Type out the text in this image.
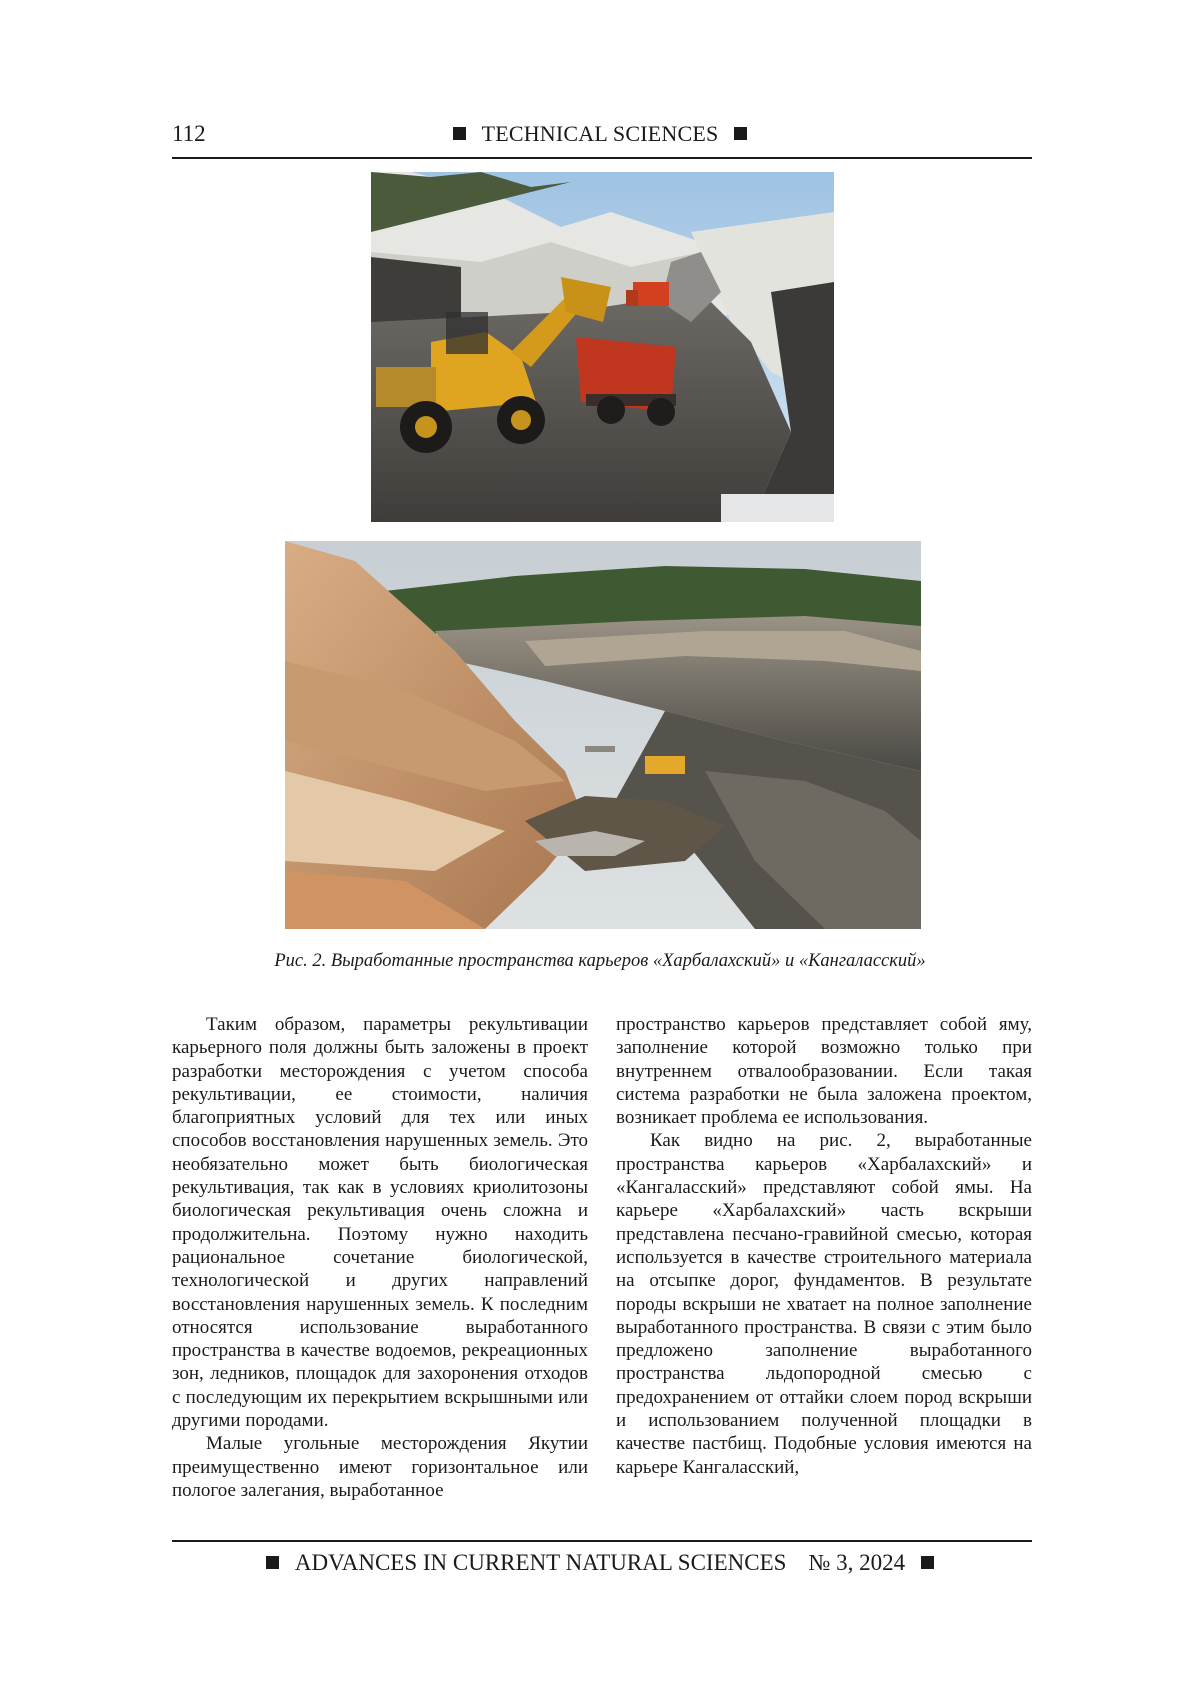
112	TECHNICAL SCIENCES
Рис. 2. Выработанные пространства карьеров «Харбалахский» и «Кангаласский»

Таким образом, параметры рекультивации карьерного поля должны быть заложены в проект разработки месторождения с учетом способа рекультивации, ее стоимости, наличия благоприятных условий для тех или иных способов восстановления нарушенных земель. Это необязательно может быть биологическая рекультивация, так как в условиях криолитозоны биологическая рекультивация очень сложна и продолжительна. Поэтому нужно находить рациональное сочетание биологической, технологической и других направлений восстановления нарушенных земель. К последним относятся использование выработанного пространства в качестве водоемов, рекреационных зон, ледников, площадок для захоронения отходов с последующим их перекрытием вскрышными или другими породами.

Малые угольные месторождения Якутии преимущественно имеют горизонтальное или пологое залегания, выработанное

пространство карьеров представляет собой яму, заполнение которой возможно только при внутреннем отвалообразовании. Если такая система разработки не была заложена проектом, возникает проблема ее использования.

Как видно на рис. 2, выработанные пространства карьеров «Харбалахский» и «Кангаласский» представляют собой ямы. На карьере «Харбалахский» часть вскрыши представлена песчано-гравийной смесью, которая используется в качестве строительного материала на отсыпке дорог, фундаментов. В результате породы вскрыши не хватает на полное заполнение выработанного пространства. В связи с этим было предложено заполнение выработанного пространства льдопородной смесью с предохранением от оттайки слоем пород вскрыши и использованием полученной площадки в качестве пастбищ. Подобные условия имеются на карьере Кангаласский,

ADVANCES IN CURRENT NATURAL SCIENCES № 3, 2024
